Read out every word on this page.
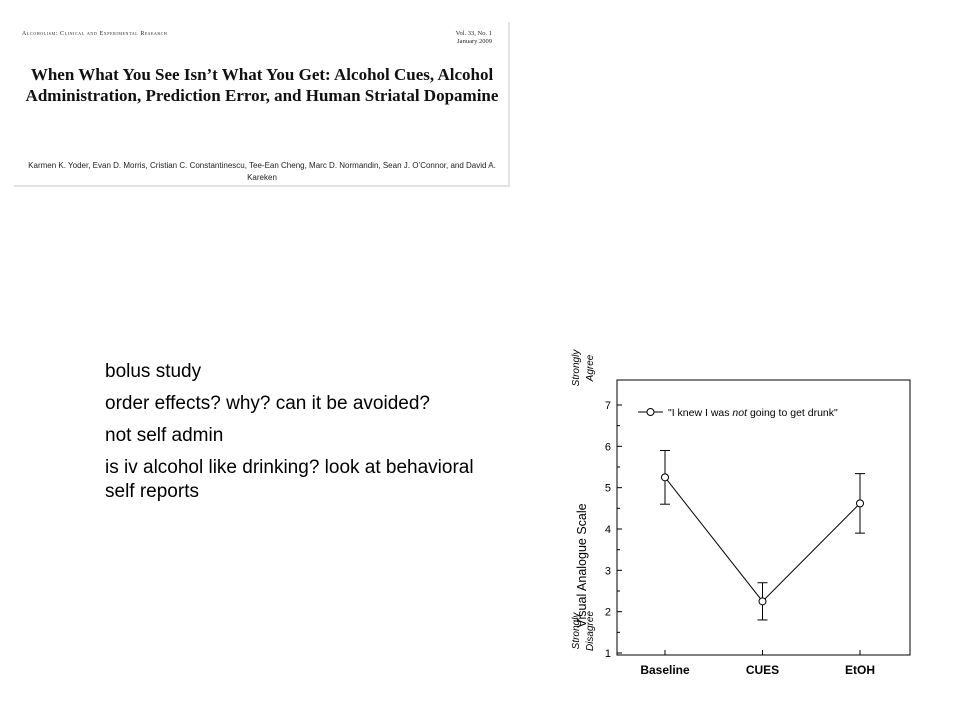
Alcoholism: Clinical and Experimental Research	Vol. 33, No. 1
January 2009
When What You See Isn’t What You Get: Alcohol Cues, Alcohol Administration, Prediction Error, and Human Striatal Dopamine

Karmen K. Yoder, Evan D. Morris, Cristian C. Constantinescu, Tee-Ean Cheng, Marc D. Normandin, Sean J. O’Connor, and David A. Kareken

bolus study

order effects? why? can it be avoided?

not self admin

is iv alcohol like drinking? look at behavioral self reports

1
2
3
4
5
6
7
Baseline	CUES	EtOH
Visual Analogue Scale
Strongly Agree
Strongly Disagree
"I knew I was not going to get drunk"
